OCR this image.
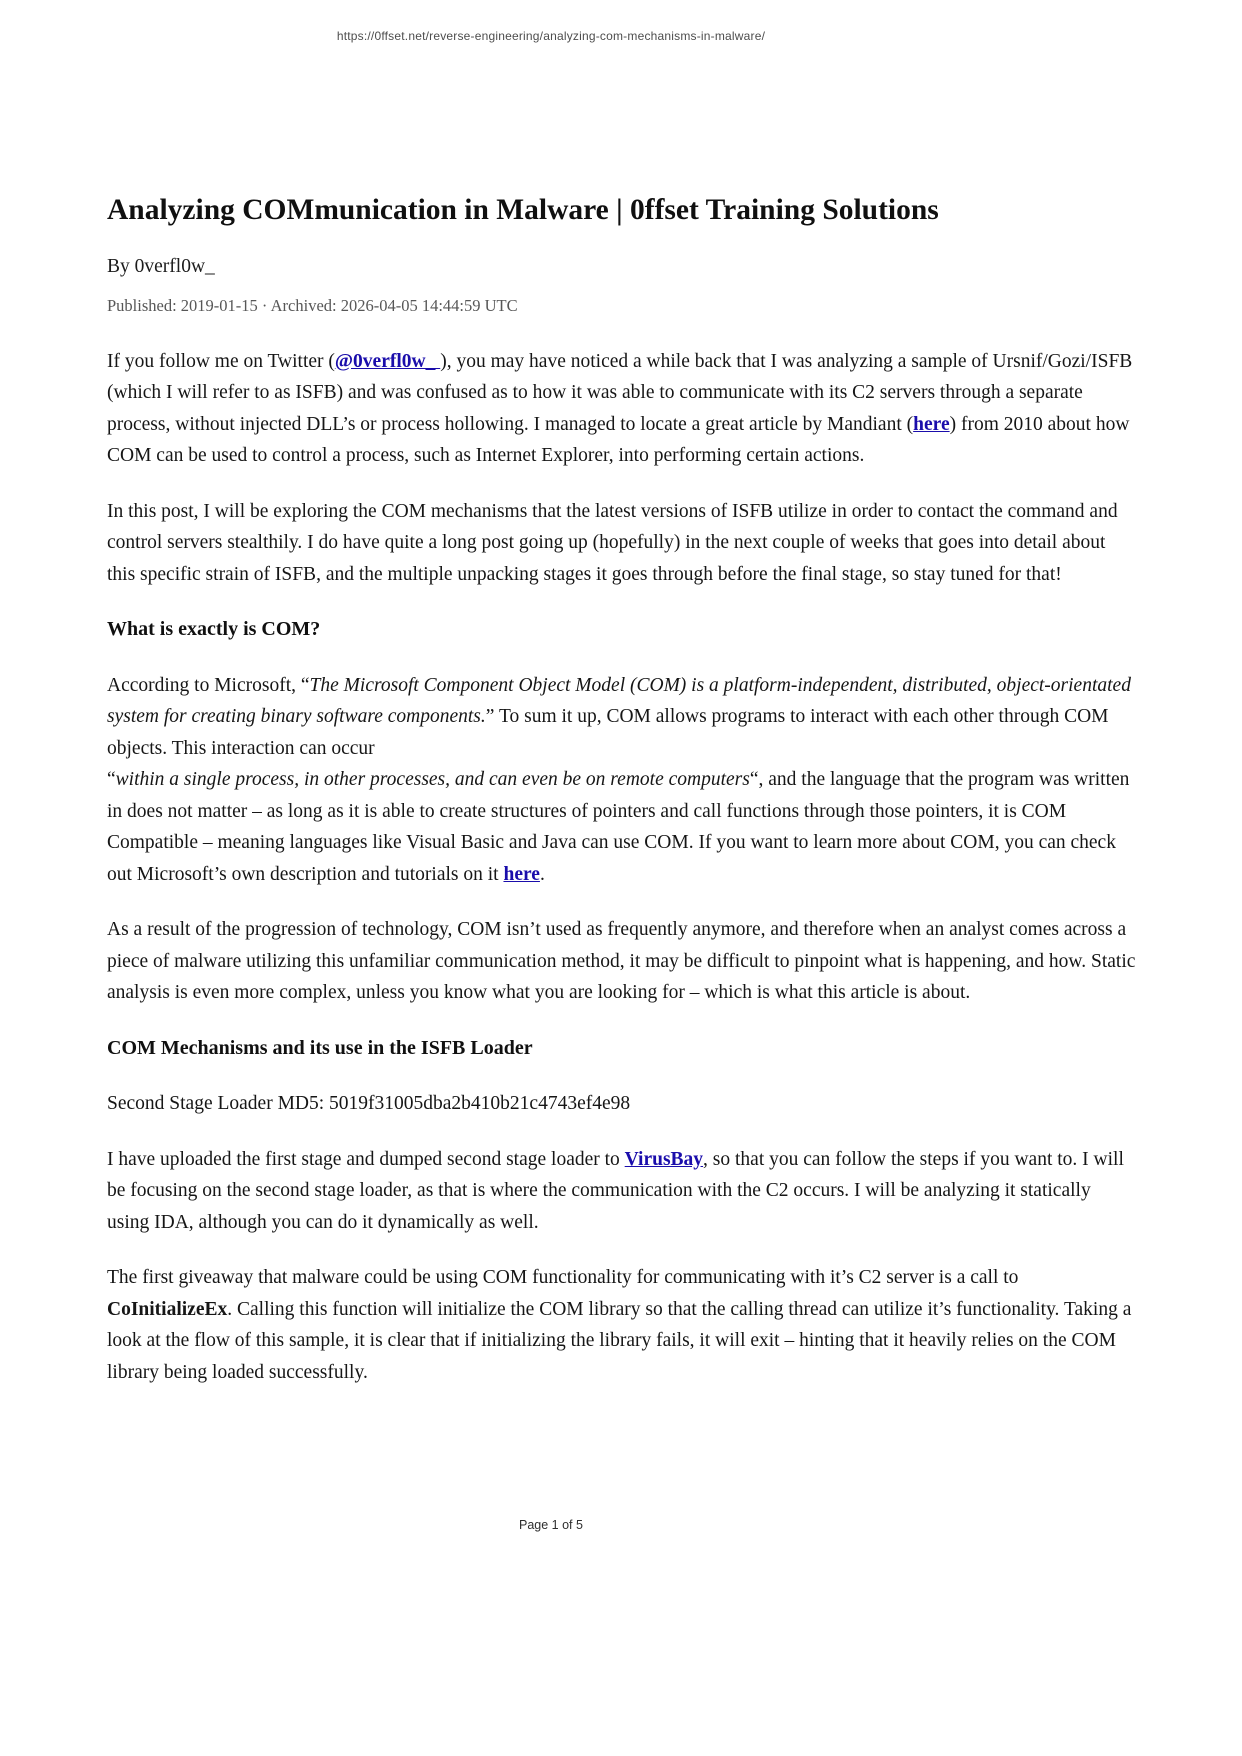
https://0ffset.net/reverse-engineering/analyzing-com-mechanisms-in-malware/
Analyzing COMmunication in Malware | 0ffset Training Solutions
By 0verfl0w_
Published: 2019-01-15 · Archived: 2026-04-05 14:44:59 UTC

If you follow me on Twitter (@0verfl0w_ ), you may have noticed a while back that I was analyzing a sample of Ursnif/Gozi/ISFB (which I will refer to as ISFB) and was confused as to how it was able to communicate with its C2 servers through a separate process, without injected DLL’s or process hollowing. I managed to locate a great article by Mandiant (here) from 2010 about how COM can be used to control a process, such as Internet Explorer, into performing certain actions.

In this post, I will be exploring the COM mechanisms that the latest versions of ISFB utilize in order to contact the command and control servers stealthily. I do have quite a long post going up (hopefully) in the next couple of weeks that goes into detail about this specific strain of ISFB, and the multiple unpacking stages it goes through before the final stage, so stay tuned for that!

What is exactly is COM?

According to Microsoft, “The Microsoft Component Object Model (COM) is a platform-independent, distributed, object-orientated system for creating binary software components.” To sum it up, COM allows programs to interact with each other through COM objects. This interaction can occur
“within a single process, in other processes, and can even be on remote computers“, and the language that the program was written in does not matter – as long as it is able to create structures of pointers and call functions through those pointers, it is COM Compatible – meaning languages like Visual Basic and Java can use COM. If you want to learn more about COM, you can check out Microsoft’s own description and tutorials on it here.

As a result of the progression of technology, COM isn’t used as frequently anymore, and therefore when an analyst comes across a piece of malware utilizing this unfamiliar communication method, it may be difficult to pinpoint what is happening, and how. Static analysis is even more complex, unless you know what you are looking for – which is what this article is about.

COM Mechanisms and its use in the ISFB Loader

Second Stage Loader MD5: 5019f31005dba2b410b21c4743ef4e98

I have uploaded the first stage and dumped second stage loader to VirusBay, so that you can follow the steps if you want to. I will be focusing on the second stage loader, as that is where the communication with the C2 occurs. I will be analyzing it statically using IDA, although you can do it dynamically as well.

The first giveaway that malware could be using COM functionality for communicating with it’s C2 server is a call to CoInitializeEx. Calling this function will initialize the COM library so that the calling thread can utilize it’s functionality. Taking a look at the flow of this sample, it is clear that if initializing the library fails, it will exit – hinting that it heavily relies on the COM library being loaded successfully.

Page 1 of 5
